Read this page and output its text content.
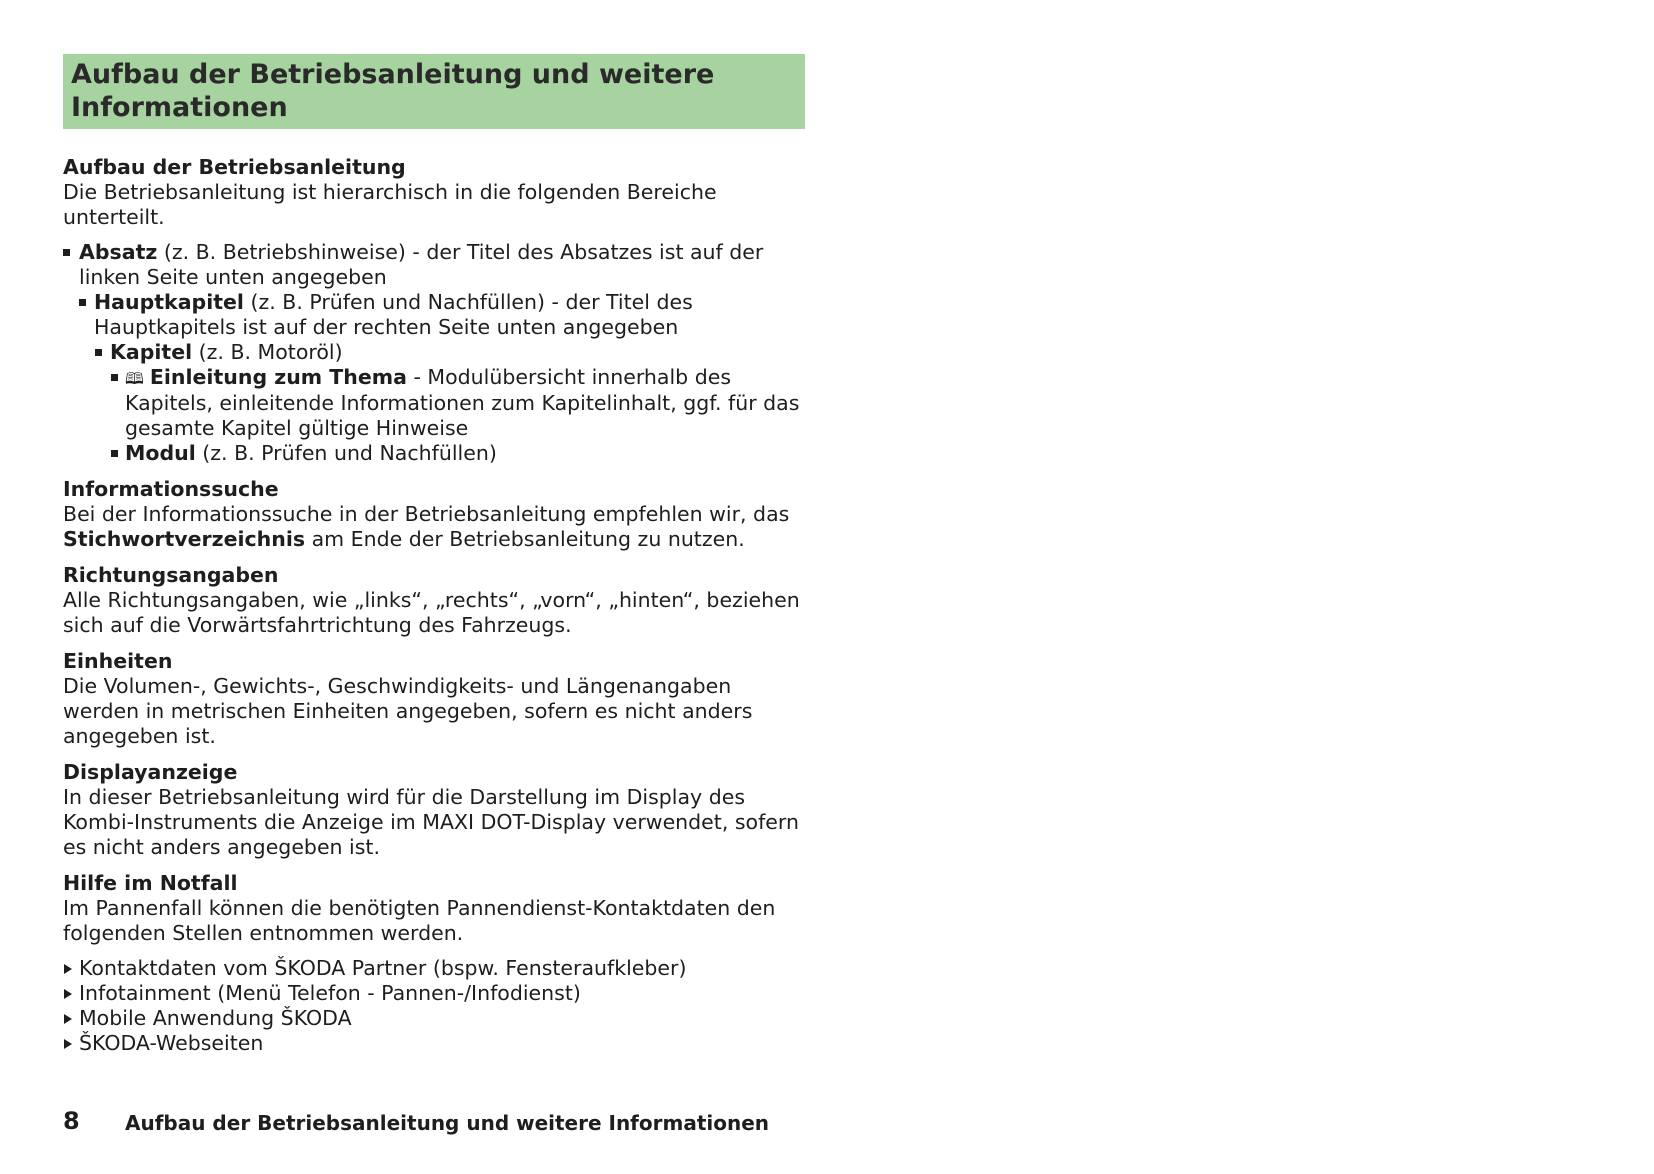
Aufbau der Betriebsanleitung und weitere
Informationen

Aufbau der Betriebsanleitung

Die Betriebsanleitung ist hierarchisch in die folgenden Bereiche unterteilt.

Absatz (z. B. Betriebshinweise) - der Titel des Absatzes ist auf der linken Seite unten angegeben
Hauptkapitel (z. B. Prüfen und Nachfüllen) - der Titel des Hauptkapitels ist auf der rechten Seite unten angegeben
Kapitel (z. B. Motoröl)
🕮 Einleitung zum Thema - Modulübersicht innerhalb des Kapitels, einleitende Informationen zum Kapitelinhalt, ggf. für das gesamte Kapitel gültige Hinweise
Modul (z. B. Prüfen und Nachfüllen)

Informationssuche

Bei der Informationssuche in der Betriebsanleitung empfehlen wir, das Stichwortverzeichnis am Ende der Betriebsanleitung zu nutzen.

Richtungsangaben

Alle Richtungsangaben, wie „links“, „rechts“, „vorn“, „hinten“, beziehen sich auf die Vorwärtsfahrtrichtung des Fahrzeugs.

Einheiten

Die Volumen-, Gewichts-, Geschwindigkeits- und Längenangaben werden in metrischen Einheiten angegeben, sofern es nicht anders angegeben ist.

Displayanzeige

In dieser Betriebsanleitung wird für die Darstellung im Display des Kombi-Instruments die Anzeige im MAXI DOT-Display verwendet, sofern es nicht anders angegeben ist.

Hilfe im Notfall

Im Pannenfall können die benötigten Pannendienst-Kontaktdaten den folgenden Stellen entnommen werden.

Kontaktdaten vom ŠKODA Partner (bspw. Fensteraufkleber)
Infotainment (Menü Telefon - Pannen-/Infodienst)
Mobile Anwendung ŠKODA
ŠKODA-Webseiten
8 Aufbau der Betriebsanleitung und weitere Informationen
